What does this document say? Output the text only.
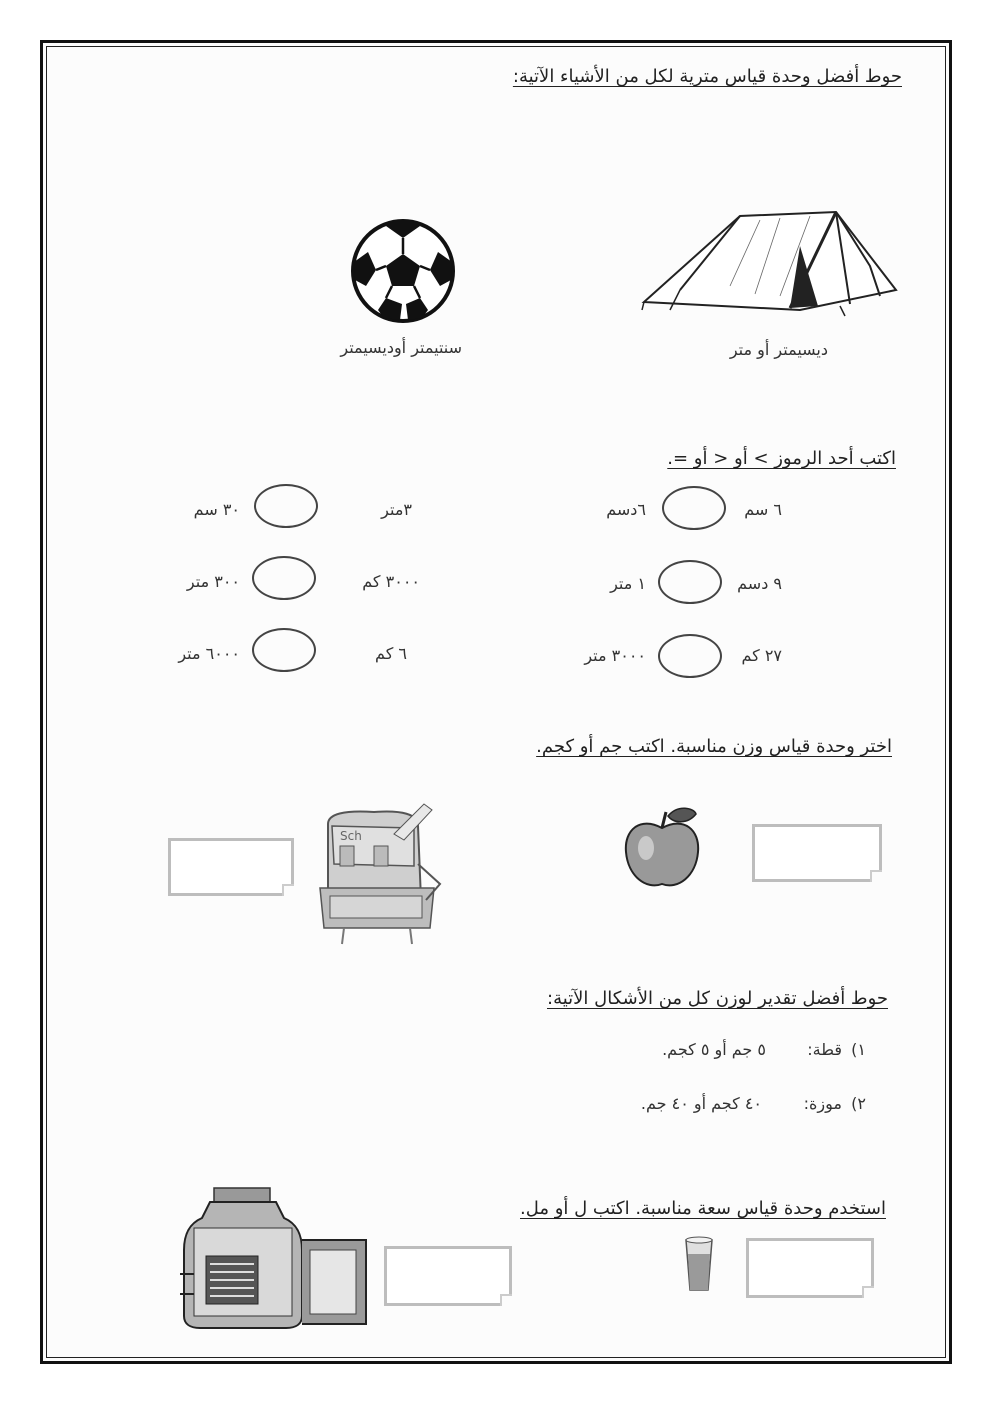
حوط أفضل وحدة قياس مترية لكل من الأشياء الآتية:
ديسيمتر أو متر
سنتيمتر أوديسيمتر
اكتب أحد الرموز > أو < أو =.
٦ سم
٦دسم
٣متر
٣٠ سم
٩ دسم
١ متر
٣٠٠٠ كم
٣٠٠ متر
٢٧ كم
٣٠٠٠ متر
٦ كم
٦٠٠٠ متر
اختر وحدة قياس وزن مناسبة. اكتب جم أو كجم.
Sch
حوط أفضل تقدير لوزن كل من الأشكال الآتية:
١)
قطة:
٥ جم أو ٥ كجم.
٢)
موزة:
٤٠ كجم أو ٤٠ جم.
استخدم وحدة قياس سعة مناسبة. اكتب ل أو مل.
